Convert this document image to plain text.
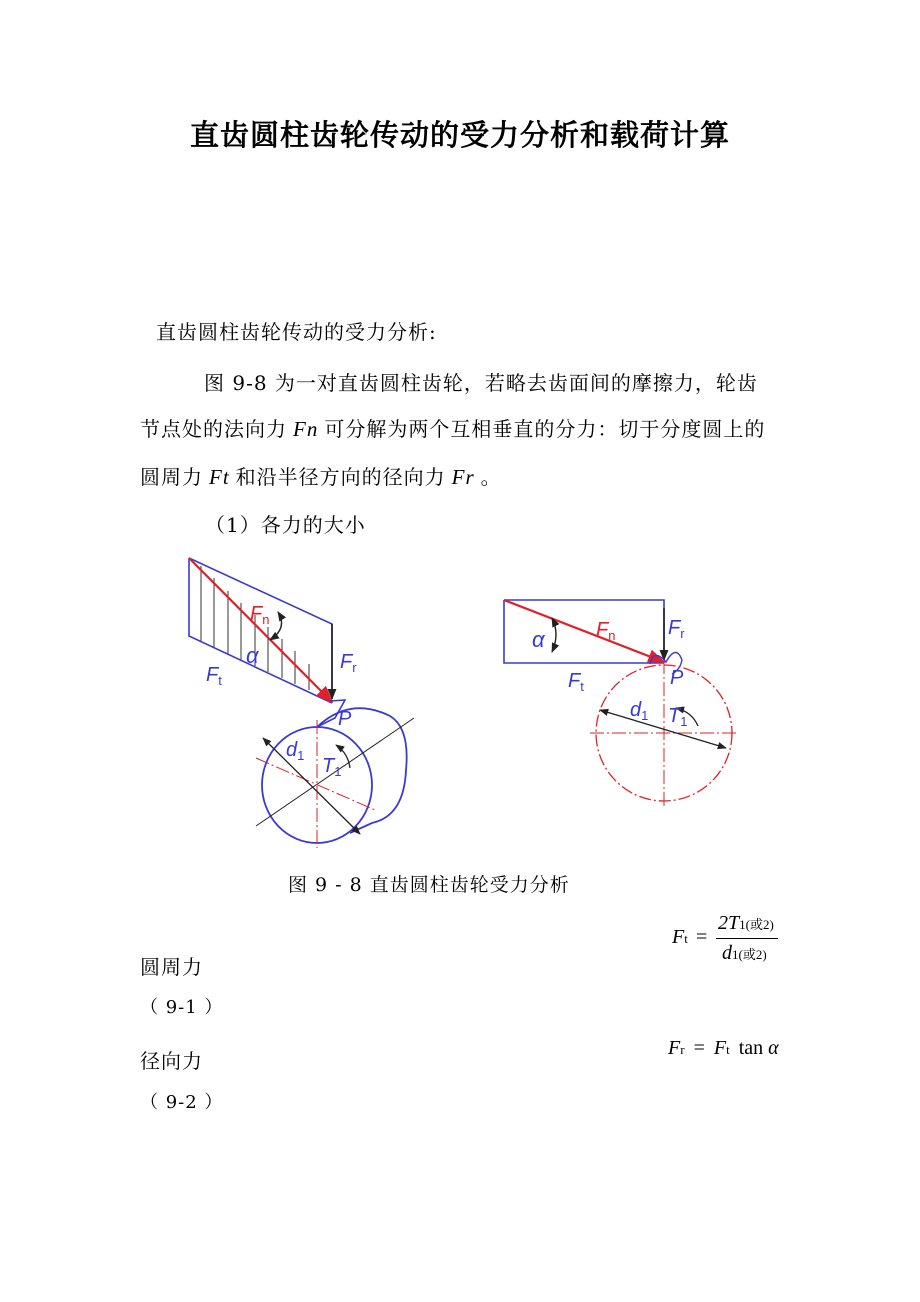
直齿圆柱齿轮传动的受力分析和载荷计算
直齿圆柱齿轮传动的受力分析:
图 9-8 为一对直齿圆柱齿轮，若略去齿面间的摩擦力，轮齿
节点处的法向力 Fn 可分解为两个互相垂直的分力：切于分度圆上的
圆周力 Ft 和沿半径方向的径向力 Fr 。
（1）各力的大小
$F_n$
α
$F_t$
$F_r$
P
$d_1$ $T_1$
$F_n$
α
$F_t$
$F_r$
P
$d_1$ $T_1$
图 9 - 8 直齿圆柱齿轮受力分析
Ft =
2T1(或2)
d1(或2)
圆周力
（ 9-1 ）
Fr = Ft tan α
径向力
（ 9-2 ）
